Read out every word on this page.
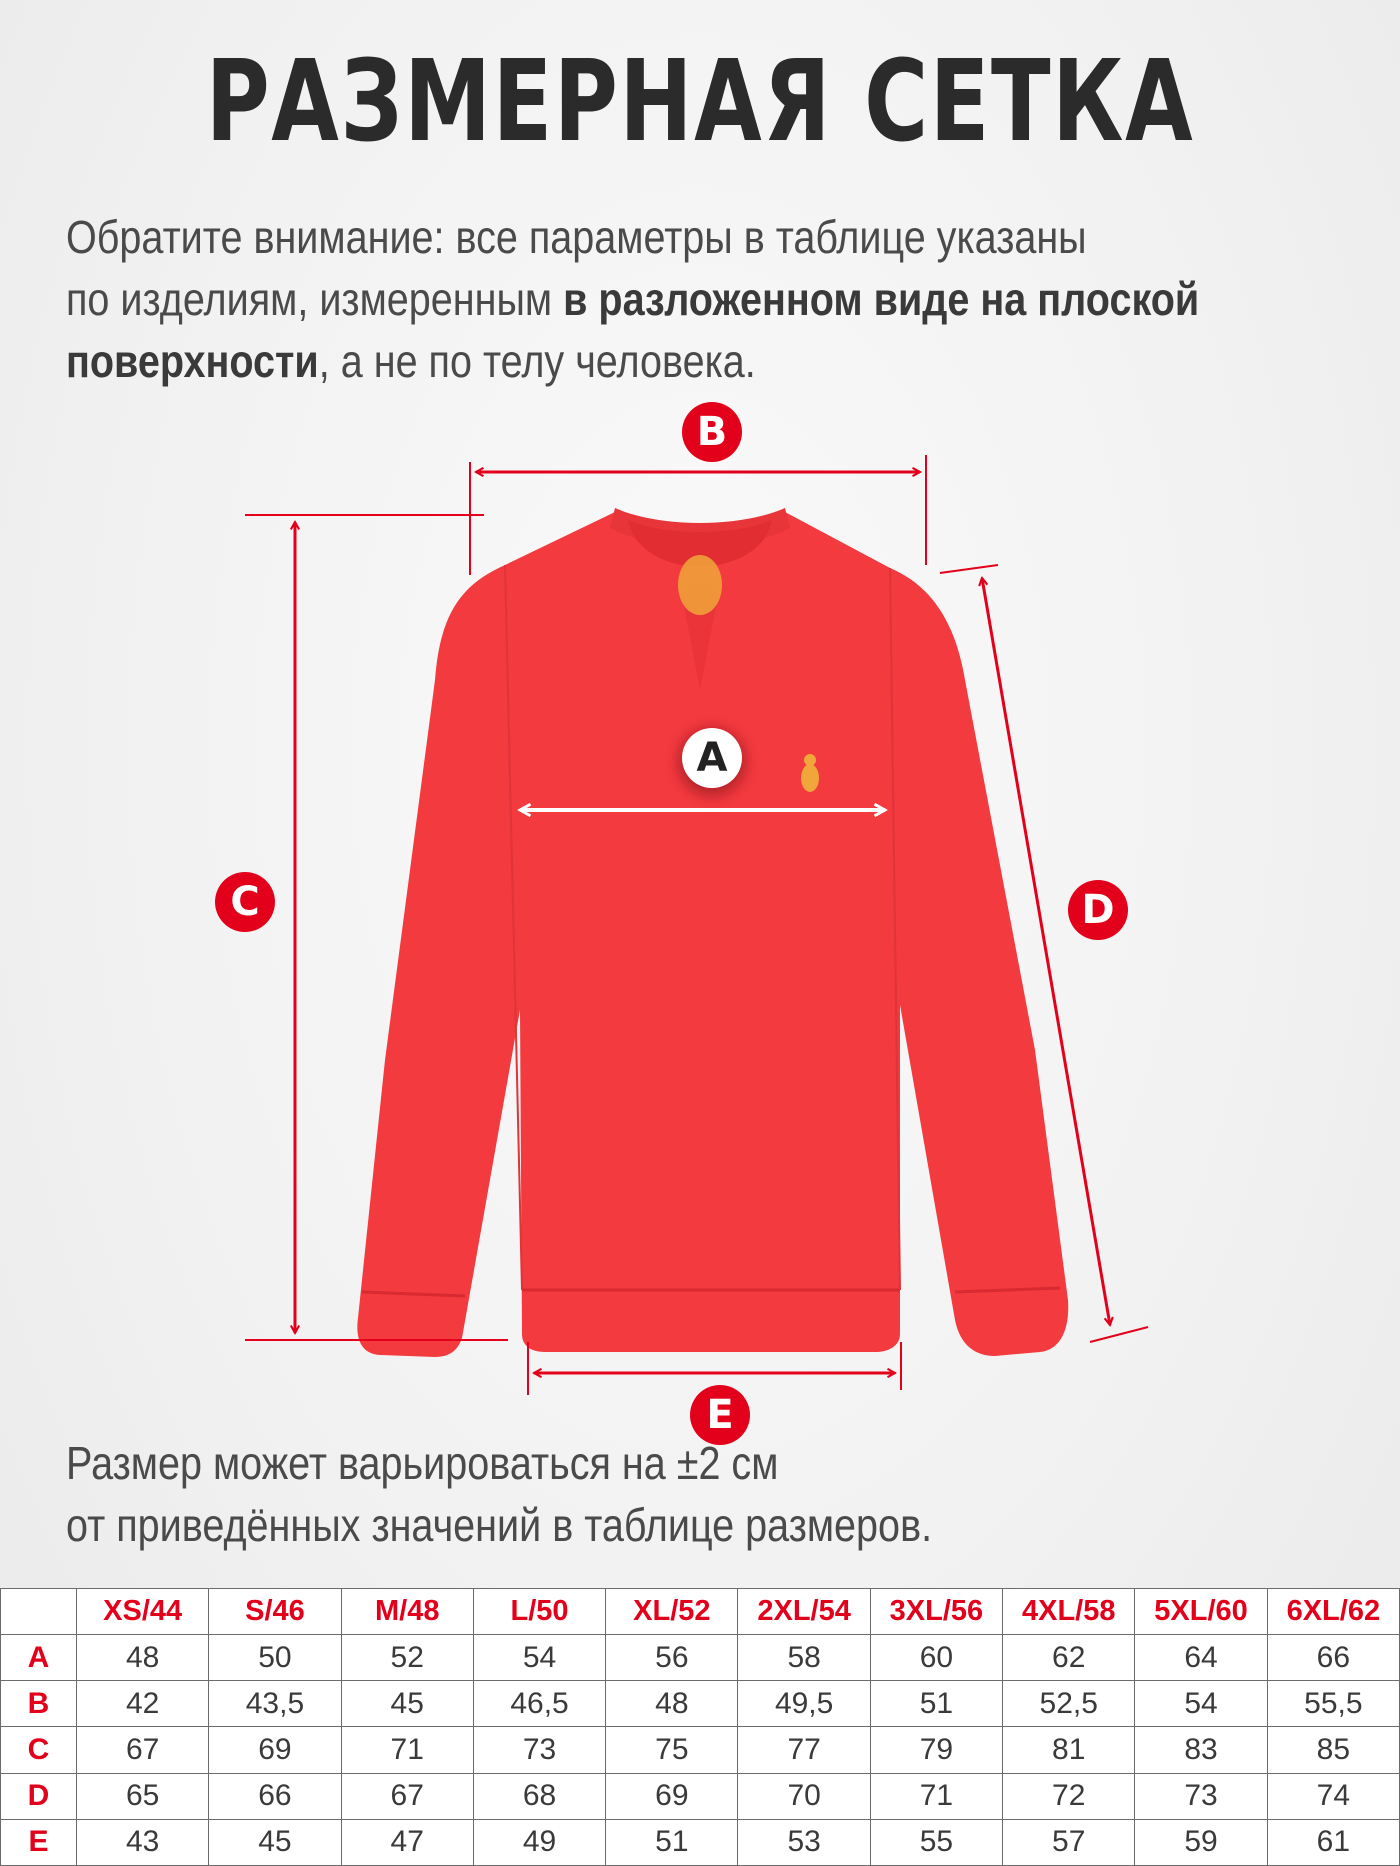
РАЗМЕРНАЯ СЕТКА
Обратите внимание: все параметры в таблице указаны
по изделиям, измеренным в разложенном виде на плоской
поверхности, а не по телу человека.
B
C	D
E
A
Размер может варьироваться на ±2 см
от приведённых значений в таблице размеров.
	XS/44	S/46	M/48	L/50	XL/52	2XL/54	3XL/56	4XL/58	5XL/60	6XL/62
A	48	50	52	54	56	58	60	62	64	66
B	42	43,5	45	46,5	48	49,5	51	52,5	54	55,5
C	67	69	71	73	75	77	79	81	83	85
D	65	66	67	68	69	70	71	72	73	74
E	43	45	47	49	51	53	55	57	59	61
